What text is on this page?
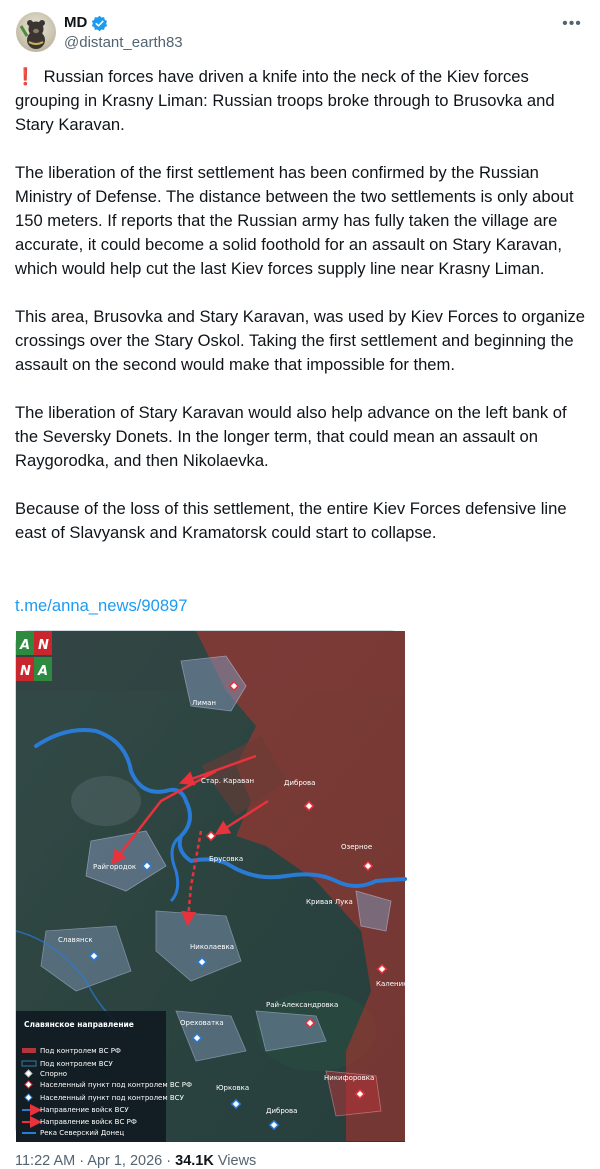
MD
@distant_earth83
•••

❗ Russian forces have driven a knife into the neck of the Kiev forces grouping in Krasny Liman: Russian troops broke through to Brusovka and Stary Karavan.

The liberation of the first settlement has been confirmed by the Russian Ministry of Defense. The distance between the two settlements is only about 150 meters. If reports that the Russian army has fully taken the village are accurate, it could become a solid foothold for an assault on Stary Karavan, which would help cut the last Kiev forces supply line near Krasny Liman.

This area, Brusovka and Stary Karavan, was used by Kiev Forces to organize crossings over the Stary Oskol. Taking the first settlement and beginning the assault on the second would make that impossible for them.

The liberation of Stary Karavan would also help advance on the left bank of the Seversky Donets. In the longer term, that could mean an assault on Raygorodka, and then Nikolaevka.

Because of the loss of this settlement, the entire Kiev Forces defensive line east of Slavyansk and Kramatorsk could start to collapse.

t.me/anna_news/90897
Лиман
Стар. Караван	Диброва
Озерное
Брусовка
Райгородок
Кривая Лука
Славянск
Николаевка
Каленики
Рай-Александровка
Ореховатка
Никифоровка
Юрковка
Диброва
A N
N A
Славянское направление
Под контролем ВС РФ
Под контролем ВСУ
Спорно
Населенный пункт под контролем ВС РФ
Населенный пункт под контролем ВСУ
Направление войск ВСУ
Направление войск ВС РФ
Река Северский Донец
11:22 AM · Apr 1, 2026 · 34.1K Views
